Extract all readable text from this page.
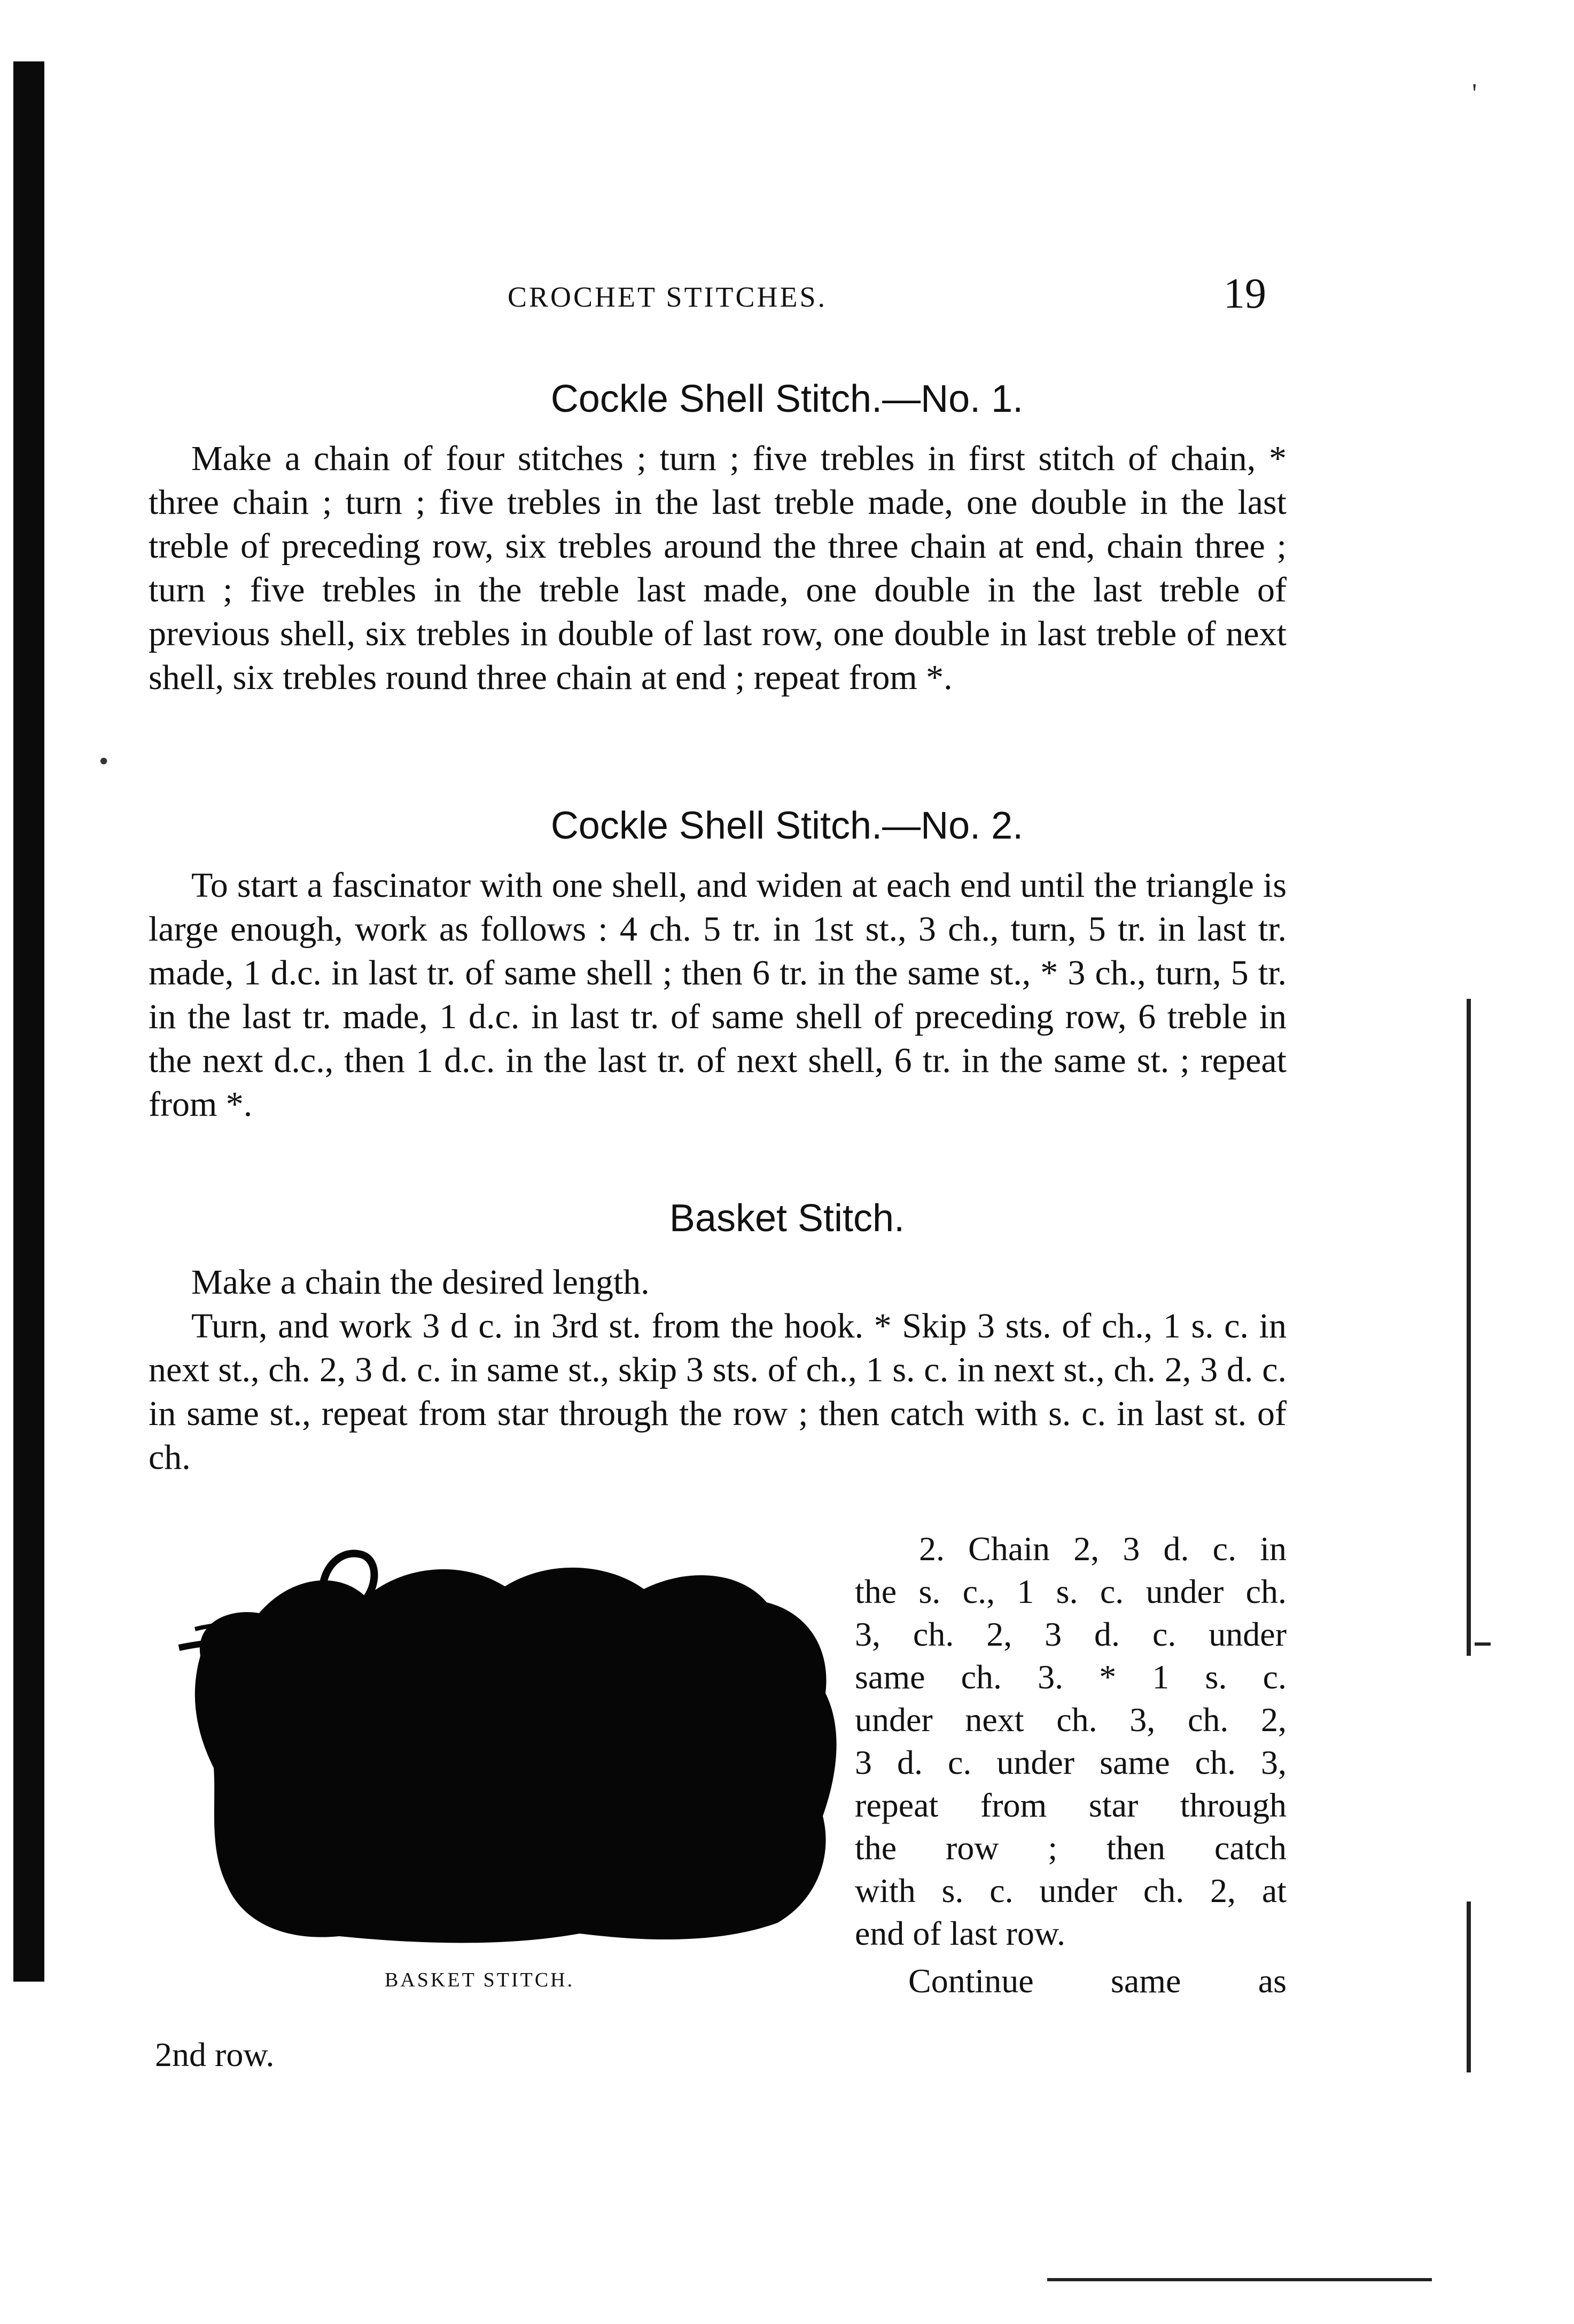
•
'
CROCHET STITCHES.	19
Cockle Shell Stitch.—No. 1.

Make a chain of four stitches ; turn ; five trebles in first stitch of chain, * three chain ; turn ; five trebles in the last treble made, one double in the last treble of preceding row, six trebles around the three chain at end, chain three ; turn ; five trebles in the treble last made, one double in the last treble of previous shell, six trebles in double of last row, one double in last treble of next shell, six trebles round three chain at end ; repeat from *.

Cockle Shell Stitch.—No. 2.

To start a fascinator with one shell, and widen at each end until the triangle is large enough, work as follows : 4 ch. 5 tr. in 1st st., 3 ch., turn, 5 tr. in last tr. made, 1 d.c. in last tr. of same shell ; then 6 tr. in the same st., * 3 ch., turn, 5 tr. in the last tr. made, 1 d.c. in last tr. of same shell of preceding row, 6 treble in the next d.c., then 1 d.c. in the last tr. of next shell, 6 tr. in the same st. ; repeat from *.

Basket Stitch.

Make a chain the desired length.

Turn, and work 3 d c. in 3rd st. from the hook. * Skip 3 sts. of ch., 1 s. c. in next st., ch. 2, 3 d. c. in same st., skip 3 sts. of ch., 1 s. c. in next st., ch. 2, 3 d. c. in same st., repeat from star through the row ; then catch with s. c. in last st. of ch.

2. Chain 2, 3 d. c. in
the s. c., 1 s. c. under ch.
3, ch. 2, 3 d. c. under
same ch. 3. * 1 s. c.
under next ch. 3, ch. 2,
3 d. c. under same ch. 3,
repeat from star through
the row ; then catch
with s. c. under ch. 2, at
end of last row.
Continue same as
BASKET STITCH.
2nd row.
